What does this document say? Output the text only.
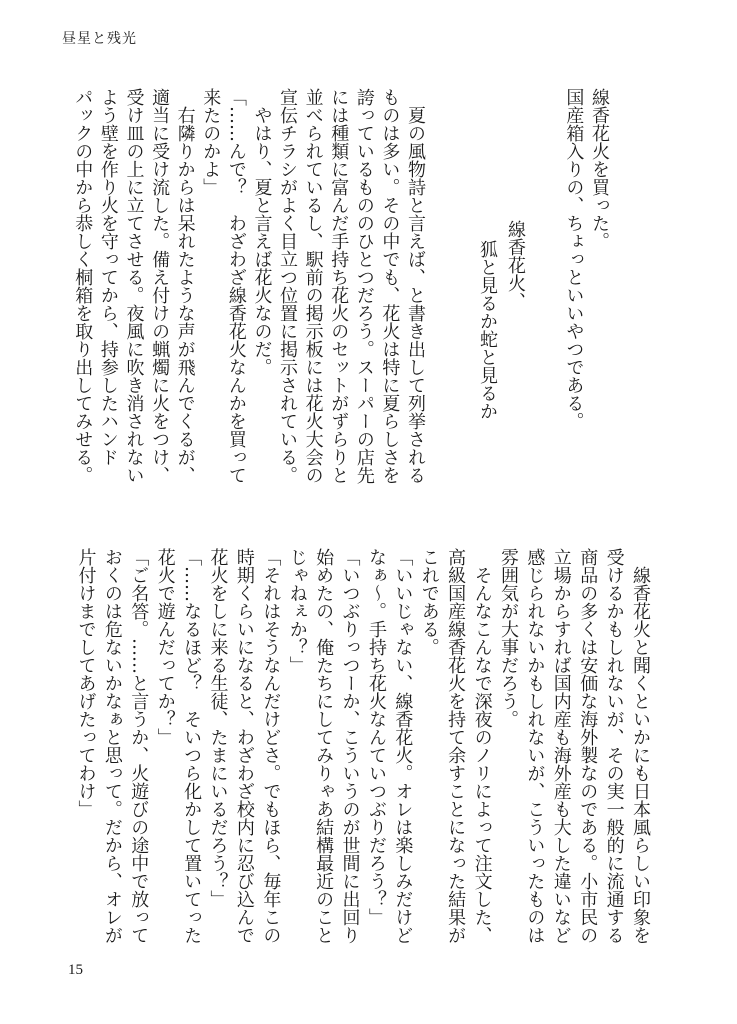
昼星と残光
線香花火を買った。
国産箱入りの、ちょっといいやつである。
線香花火、
狐と見るか蛇と見るか
　夏の風物詩と言えば、と書き出して列挙される
ものは多い。その中でも、花火は特に夏らしさを
誇っているもののひとつだろう。スーパーの店先
には種類に富んだ手持ち花火のセットがずらりと
並べられているし、駅前の掲示板には花火大会の
宣伝チラシがよく目立つ位置に掲示されている。
　やはり、夏と言えば花火なのだ。
「……んで？　わざわざ線香花火なんかを買って
来たのかよ」
　右隣りからは呆れたような声が飛んでくるが、
適当に受け流した。備え付けの蝋燭に火をつけ、
受け皿の上に立てさせる。夜風に吹き消されない
よう壁を作り火を守ってから、持参したハンド
パックの中から恭しく桐箱を取り出してみせる。
　線香花火と聞くといかにも日本風らしい印象を
受けるかもしれないが、その実一般的に流通する
商品の多くは安価な海外製なのである。小市民の
立場からすれば国内産も海外産も大した違いなど
感じられないかもしれないが、こういったものは
雰囲気が大事だろう。
　そんなこんなで深夜のノリによって注文した、
高級国産線香花火を持て余すことになった結果が
これである。
「いいじゃない、線香花火。オレは楽しみだけど
なぁ〜。手持ち花火なんていつぶりだろう？」
「いつぶりっつーか、こういうのが世間に出回り
始めたの、俺たちにしてみりゃあ結構最近のこと
じゃねぇか？」
「それはそうなんだけどさ。でもほら、毎年この
時期くらいになると、わざわざ校内に忍び込んで
花火をしに来る生徒、たまにいるだろう？」
「……なるほど？　そいつら化かして置いてった
花火で遊んだってか？」
「ご名答。……と言うか、火遊びの途中で放って
おくのは危ないかなぁと思って。だから、オレが
片付けまでしてあげたってわけ」
15
